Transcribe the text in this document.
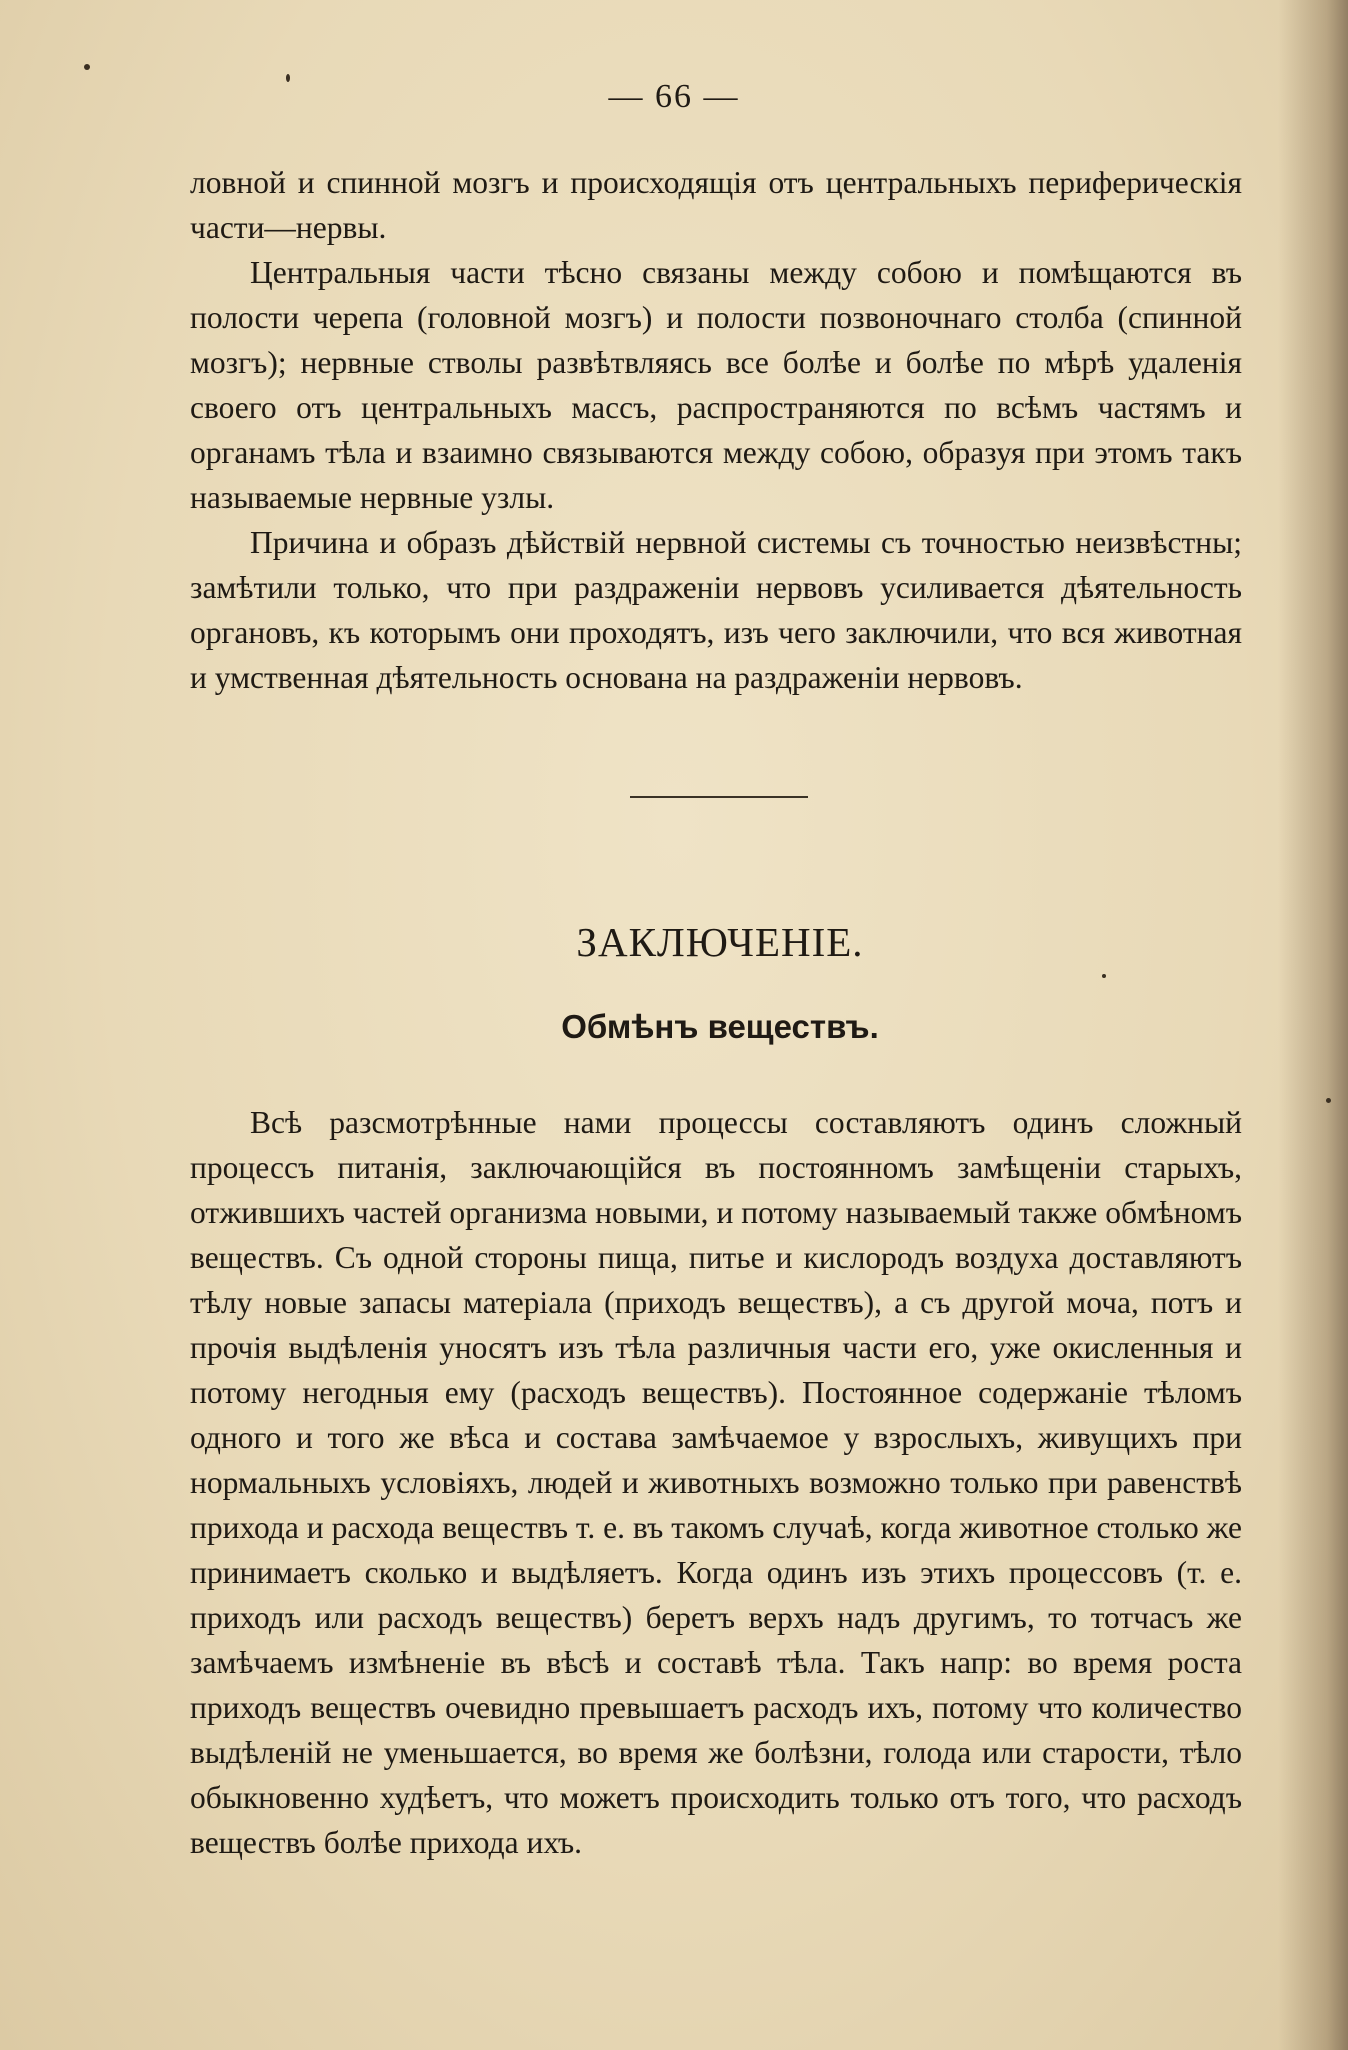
— 66 —

ловной и спинной мозгъ и происходящія отъ центральныхъ периферическія части—нервы.

Центральныя части тѣсно связаны между собою и помѣщаются въ полости черепа (головной мозгъ) и полости позвоночнаго столба (спинной мозгъ); нервные стволы развѣтвляясь все болѣе и болѣе по мѣрѣ удаленія своего отъ центральныхъ массъ, распространяются по всѣмъ частямъ и органамъ тѣла и взаимно связываются между собою, образуя при этомъ такъ называемые нервные узлы.

Причина и образъ дѣйствій нервной системы съ точностью неизвѣстны; замѣтили только, что при раздраженіи нервовъ усиливается дѣятельность органовъ, къ которымъ они проходятъ, изъ чего заключили, что вся животная и умственная дѣятельность основана на раздраженіи нервовъ.

ЗАКЛЮЧЕНІЕ.
Обмѣнъ веществъ.

Всѣ разсмотрѣнные нами процессы составляютъ одинъ сложный процессъ питанія, заключающійся въ постоянномъ замѣщеніи старыхъ, отжившихъ частей организма новыми, и потому называемый также обмѣномъ веществъ. Съ одной стороны пища, питье и кислородъ воздуха доставляютъ тѣлу новые запасы матеріала (приходъ веществъ), а съ другой моча, потъ и прочія выдѣленія уносятъ изъ тѣла различныя части его, уже окисленныя и потому негодныя ему (расходъ веществъ). Постоянное содержаніе тѣломъ одного и того же вѣса и состава замѣчаемое у взрослыхъ, живущихъ при нормальныхъ условіяхъ, людей и животныхъ возможно только при равенствѣ прихода и расхода веществъ т. е. въ такомъ случаѣ, когда животное столько же принимаетъ сколько и выдѣляетъ. Когда одинъ изъ этихъ процессовъ (т. е. приходъ или расходъ веществъ) беретъ верхъ надъ другимъ, то тотчасъ же замѣчаемъ измѣненіе въ вѣсѣ и составѣ тѣла. Такъ напр: во время роста приходъ веществъ очевидно превышаетъ расходъ ихъ, потому что количество выдѣленій не уменьшается, во время же болѣзни, голода или старости, тѣло обыкновенно худѣетъ, что можетъ происходить только отъ того, что расходъ веществъ болѣе прихода ихъ.
